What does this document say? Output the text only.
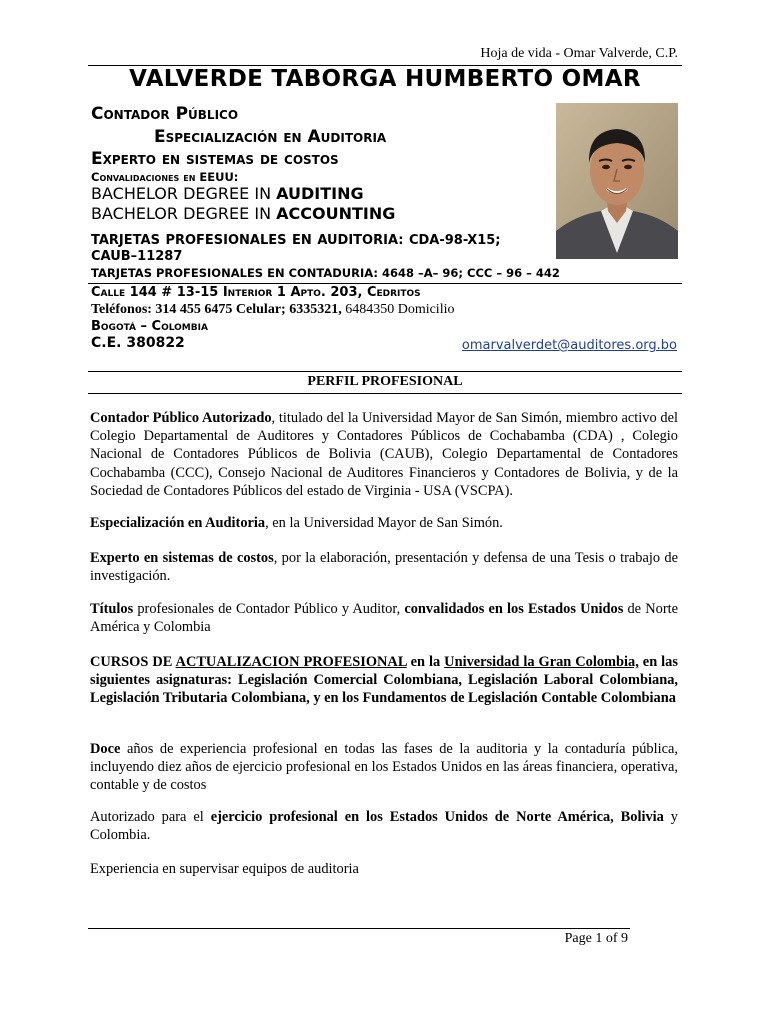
Hoja de vida - Omar Valverde, C.P.
VALVERDE TABORGA HUMBERTO OMAR
Contador Público
Especialización en Auditoria
Experto en sistemas de costos
Convalidaciones en EEUU:
BACHELOR DEGREE IN AUDITING
BACHELOR DEGREE IN ACCOUNTING
TARJETAS PROFESIONALES EN AUDITORIA: CDA-98-X15;
CAUB–11287
TARJETAS PROFESIONALES EN CONTADURIA: 4648 –A– 96; CCC – 96 – 442
Calle 144 # 13-15 Interior 1 Apto. 203, Cedritos
Teléfonos: 314 455 6475 Celular; 6335321, 6484350 Domicilio
Bogotá – Colombia
C.E. 380822	omarvalverdet@auditores.org.bo
PERFIL PROFESIONAL
Contador Público Autorizado, titulado del la Universidad Mayor de San Simón, miembro activo del Colegio Departamental de Auditores y Contadores Públicos de Cochabamba (CDA) , Colegio Nacional de Contadores Públicos de Bolivia (CAUB), Colegio Departamental de Contadores Cochabamba (CCC), Consejo Nacional de Auditores Financieros y Contadores de Bolivia, y de la Sociedad de Contadores Públicos del estado de Virginia - USA (VSCPA).
Especialización en Auditoria, en la Universidad Mayor de San Simón.
Experto en sistemas de costos, por la elaboración, presentación y defensa de una Tesis o trabajo de investigación.
Títulos profesionales de Contador Público y Auditor, convalidados en los Estados Unidos de Norte América y Colombia
CURSOS DE ACTUALIZACION PROFESIONAL en la Universidad la Gran Colombia, en las siguientes asignaturas: Legislación Comercial Colombiana, Legislación Laboral Colombiana, Legislación Tributaria Colombiana, y en los Fundamentos de Legislación Contable Colombiana
Doce años de experiencia profesional en todas las fases de la auditoria y la contaduría pública, incluyendo diez años de ejercicio profesional en los Estados Unidos en las áreas financiera, operativa, contable y de costos
Autorizado para el ejercicio profesional en los Estados Unidos de Norte América, Bolivia y Colombia.
Experiencia en supervisar equipos de auditoria
Page 1 of 9
